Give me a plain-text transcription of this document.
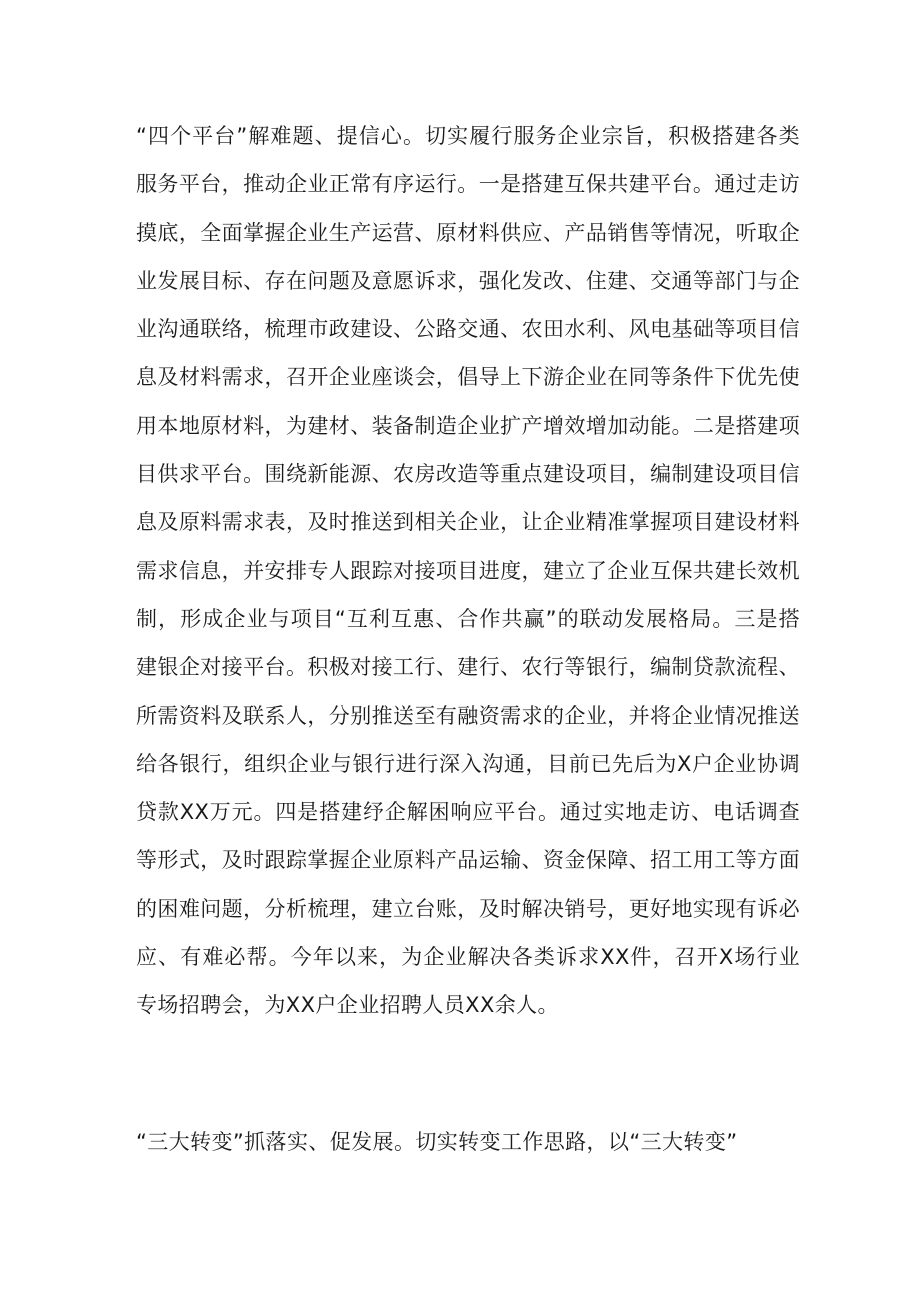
“四个平台”解难题、提信心。切实履行服务企业宗旨，积极搭建各类服务平台，推动企业正常有序运行。一是搭建互保共建平台。通过走访摸底，全面掌握企业生产运营、原材料供应、产品销售等情况，听取企业发展目标、存在问题及意愿诉求，强化发改、住建、交通等部门与企业沟通联络，梳理市政建设、公路交通、农田水利、风电基础等项目信息及材料需求，召开企业座谈会，倡导上下游企业在同等条件下优先使用本地原材料，为建材、装备制造企业扩产增效增加动能。二是搭建项目供求平台。围绕新能源、农房改造等重点建设项目，编制建设项目信息及原料需求表，及时推送到相关企业，让企业精准掌握项目建设材料需求信息，并安排专人跟踪对接项目进度，建立了企业互保共建长效机制，形成企业与项目“互利互惠、合作共赢”的联动发展格局。三是搭建银企对接平台。积极对接工行、建行、农行等银行，编制贷款流程、所需资料及联系人，分别推送至有融资需求的企业，并将企业情况推送给各银行，组织企业与银行进行深入沟通，目前已先后为X户企业协调贷款XX万元。四是搭建纾企解困响应平台。通过实地走访、电话调查等形式，及时跟踪掌握企业原料产品运输、资金保障、招工用工等方面的困难问题，分析梳理，建立台账，及时解决销号，更好地实现有诉必应、有难必帮。今年以来，为企业解决各类诉求XX件，召开X场行业专场招聘会，为XX户企业招聘人员XX余人。

“三大转变”抓落实、促发展。切实转变工作思路，以“三大转变”
